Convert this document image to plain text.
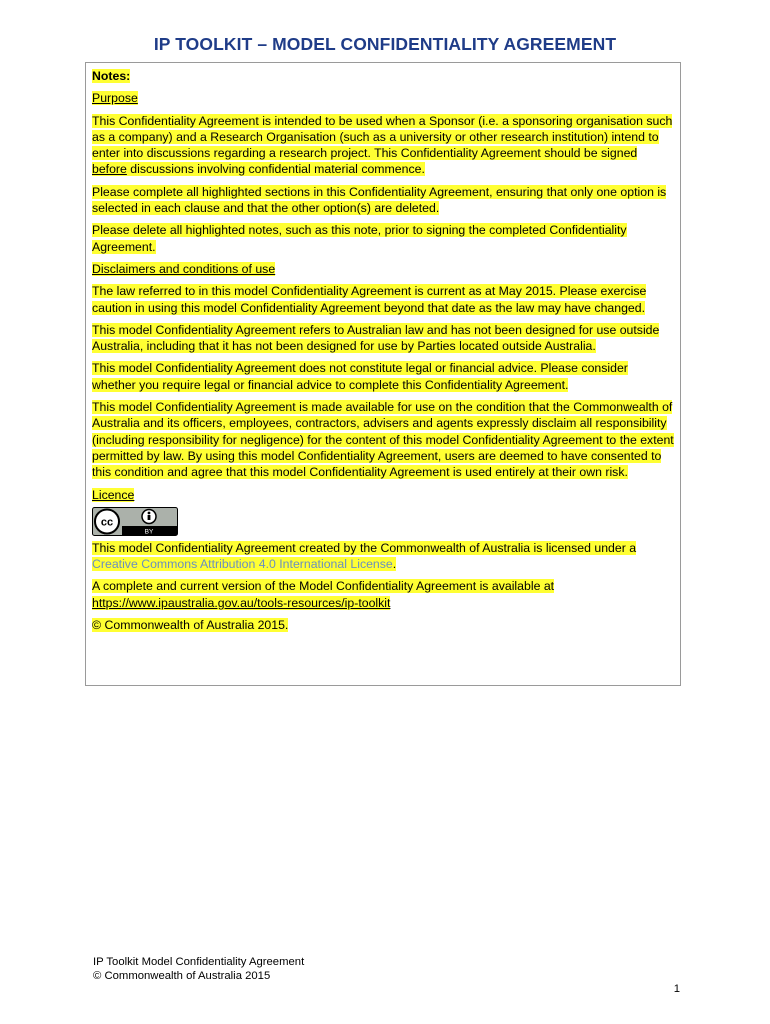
IP TOOLKIT – MODEL CONFIDENTIALITY AGREEMENT

Notes:

Purpose

This Confidentiality Agreement is intended to be used when a Sponsor (i.e. a sponsoring organisation such as a company) and a Research Organisation (such as a university or other research institution) intend to enter into discussions regarding a research project. This Confidentiality Agreement should be signed before discussions involving confidential material commence.

Please complete all highlighted sections in this Confidentiality Agreement, ensuring that only one option is selected in each clause and that the other option(s) are deleted.

Please delete all highlighted notes, such as this note, prior to signing the completed Confidentiality Agreement.

Disclaimers and conditions of use

The law referred to in this model Confidentiality Agreement is current as at May 2015. Please exercise caution in using this model Confidentiality Agreement beyond that date as the law may have changed.

This model Confidentiality Agreement refers to Australian law and has not been designed for use outside Australia, including that it has not been designed for use by Parties located outside Australia.

This model Confidentiality Agreement does not constitute legal or financial advice. Please consider whether you require legal or financial advice to complete this Confidentiality Agreement.

This model Confidentiality Agreement is made available for use on the condition that the Commonwealth of Australia and its officers, employees, contractors, advisers and agents expressly disclaim all responsibility (including responsibility for negligence) for the content of this model Confidentiality Agreement to the extent permitted by law. By using this model Confidentiality Agreement, users are deemed to have consented to this condition and agree that this model Confidentiality Agreement is used entirely at their own risk.

Licence

cc
BY

This model Confidentiality Agreement created by the Commonwealth of Australia is licensed under a Creative Commons Attribution 4.0 International License.

A complete and current version of the Model Confidentiality Agreement is available at https://www.ipaustralia.gov.au/tools-resources/ip-toolkit

© Commonwealth of Australia 2015.

IP Toolkit Model Confidentiality Agreement
© Commonwealth of Australia 2015
1
